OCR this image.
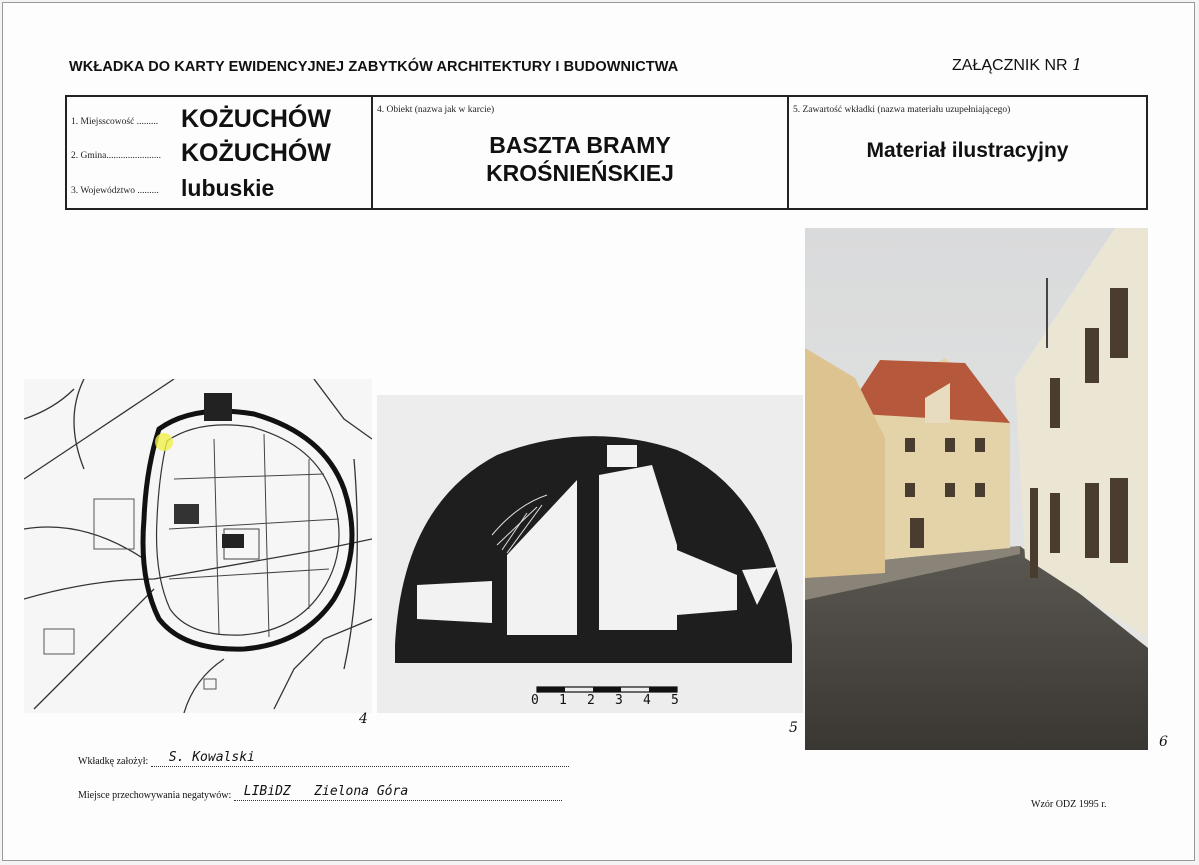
WKŁADKA DO KARTY EWIDENCYJNEJ ZABYTKÓW ARCHITEKTURY I BUDOWNICTWA	ZAŁĄCZNIK NR 1
1. Miejsscowość ......... KOŻUCHÓW
2. Gmina....................... KOŻUCHÓW
3. Województwo ......... lubuskie

4. Obiekt (nazwa jak w karcie)
BASZTA BRAMY
KROŚNIEŃSKIEJ

5. Zawartość wkładki (nazwa materiału uzupełniającego)
Materiał ilustracyjny
4
0 1 2 3 4 5
5
6
Wkładkę założył: S. Kowalski
Miejsce przechowywania negatywów: LIBiDZ   Zielona Góra
Wzór ODZ 1995 r.
